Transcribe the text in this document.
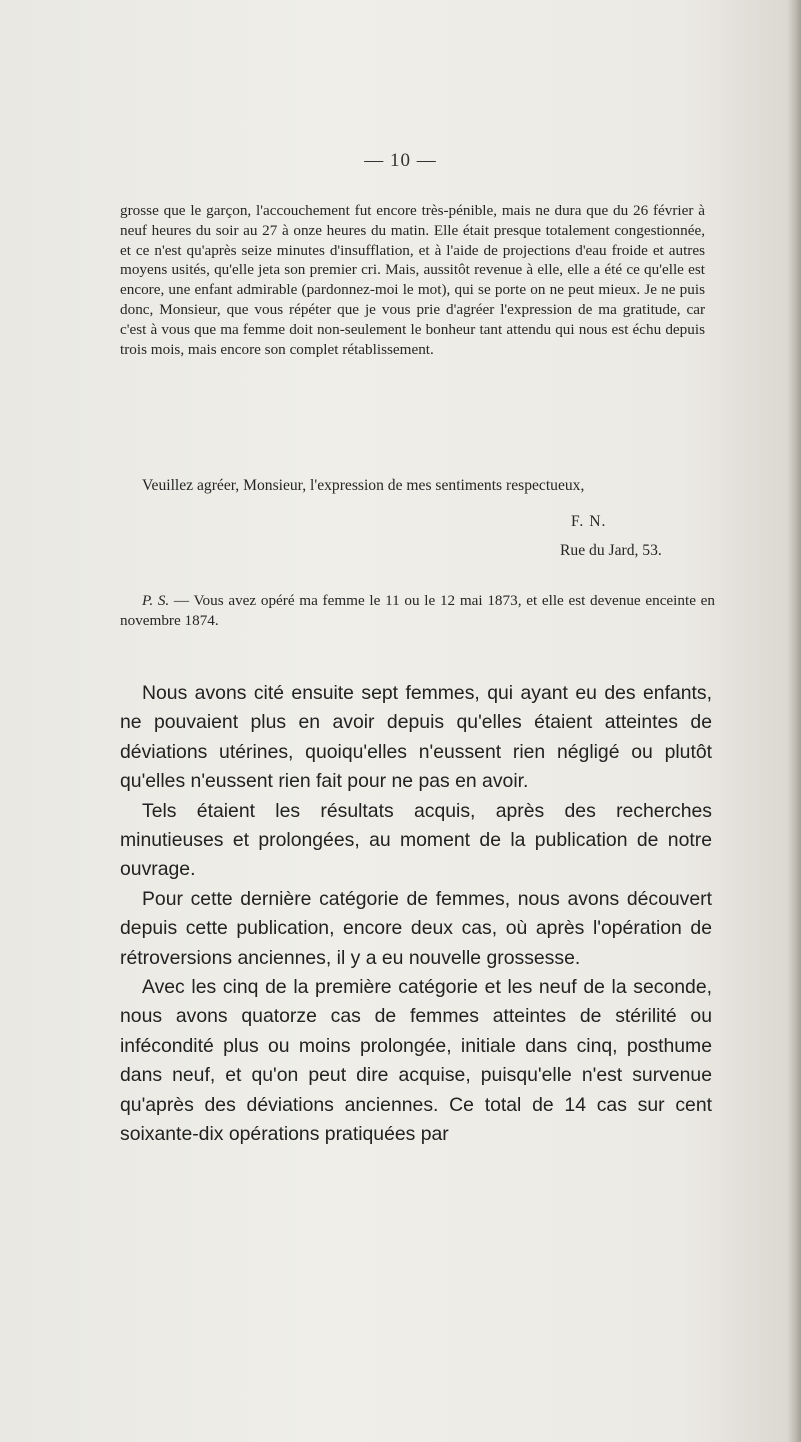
— 10 —

grosse que le garçon, l'accouchement fut encore très-pénible, mais ne dura que du 26 février à neuf heures du soir au 27 à onze heures du matin. Elle était presque totalement congestionnée, et ce n'est qu'après seize minutes d'insufflation, et à l'aide de projections d'eau froide et autres moyens usités, qu'elle jeta son premier cri. Mais, aussitôt revenue à elle, elle a été ce qu'elle est encore, une enfant admirable (pardonnez-moi le mot), qui se porte on ne peut mieux. Je ne puis donc, Monsieur, que vous répéter que je vous prie d'agréer l'expression de ma gratitude, car c'est à vous que ma femme doit non-seulement le bonheur tant attendu qui nous est échu depuis trois mois, mais encore son complet rétablissement.

Veuillez agréer, Monsieur, l'expression de mes sentiments respectueux,
F. N.
Rue du Jard, 53.
P. S. — Vous avez opéré ma femme le 11 ou le 12 mai 1873, et elle est devenue enceinte en novembre 1874.

Nous avons cité ensuite sept femmes, qui ayant eu des enfants, ne pouvaient plus en avoir depuis qu'elles étaient atteintes de déviations utérines, quoiqu'elles n'eussent rien négligé ou plutôt qu'elles n'eussent rien fait pour ne pas en avoir.

Tels étaient les résultats acquis, après des recherches minutieuses et prolongées, au moment de la publication de notre ouvrage.

Pour cette dernière catégorie de femmes, nous avons découvert depuis cette publication, encore deux cas, où après l'opération de rétroversions anciennes, il y a eu nouvelle grossesse.

Avec les cinq de la première catégorie et les neuf de la seconde, nous avons quatorze cas de femmes atteintes de stérilité ou infécondité plus ou moins prolongée, initiale dans cinq, posthume dans neuf, et qu'on peut dire acquise, puisqu'elle n'est survenue qu'après des déviations anciennes. Ce total de 14 cas sur cent soixante-dix opérations pratiquées par
